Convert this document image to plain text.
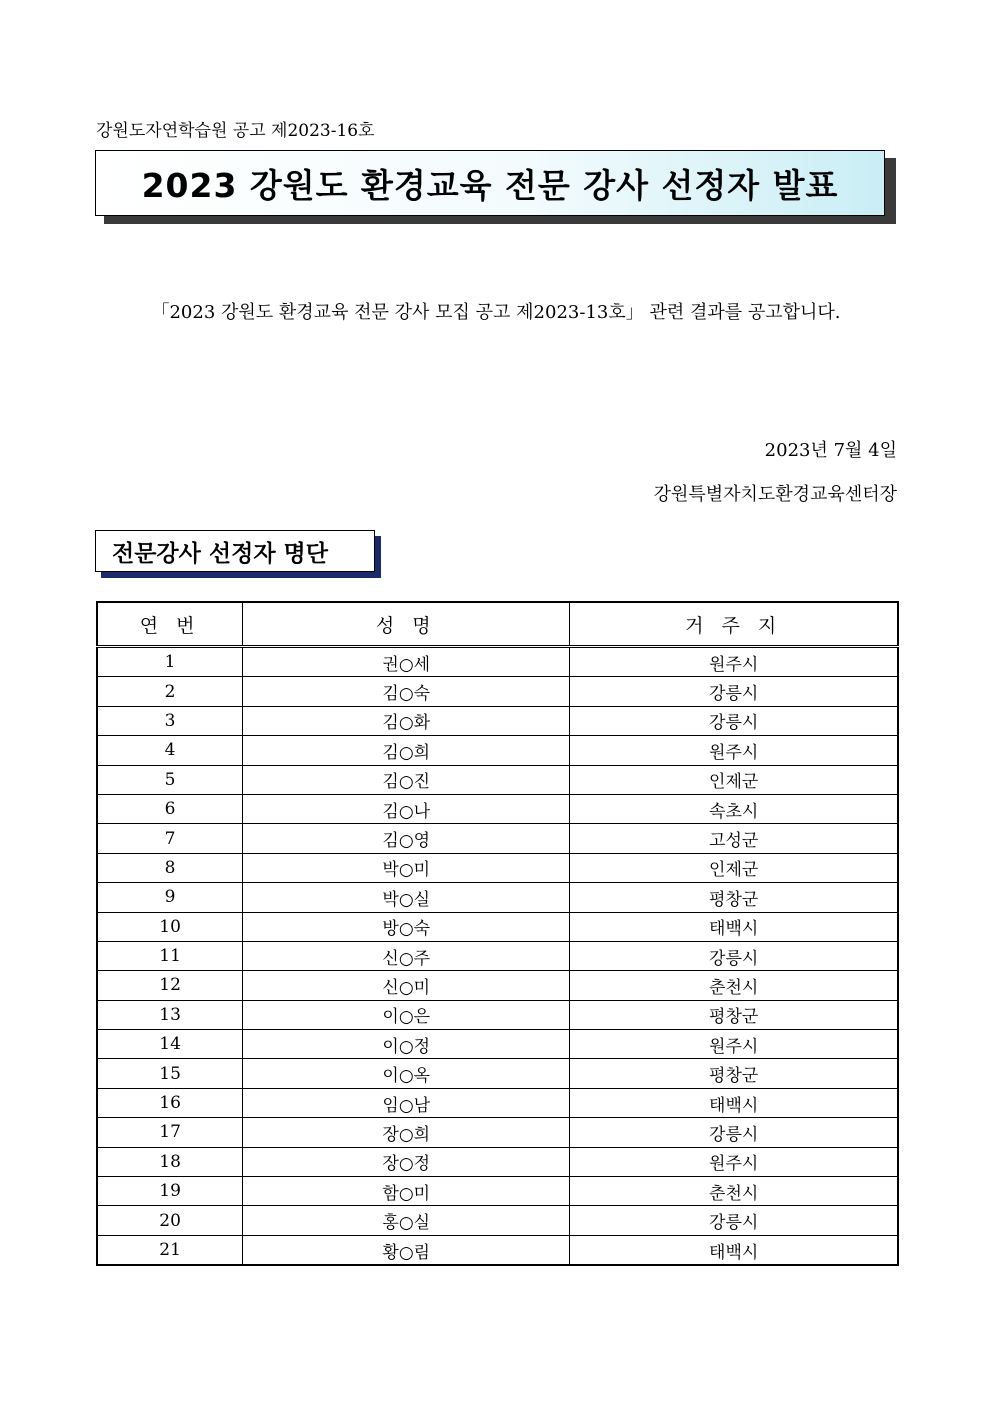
강원도자연학습원 공고 제2023-16호
2023 강원도 환경교육 전문 강사 선정자 발표
「2023 강원도 환경교육 전문 강사 모집 공고 제2023-13호」 관련 결과를 공고합니다.
2023년 7월 4일
강원특별자치도환경교육센터장
전문강사 선정자 명단
연 번	성 명	거 주 지
1	권○세	원주시
2	김○숙	강릉시
3	김○화	강릉시
4	김○희	원주시
5	김○진	인제군
6	김○나	속초시
7	김○영	고성군
8	박○미	인제군
9	박○실	평창군
10	방○숙	태백시
11	신○주	강릉시
12	신○미	춘천시
13	이○은	평창군
14	이○정	원주시
15	이○옥	평창군
16	임○남	태백시
17	장○희	강릉시
18	장○정	원주시
19	함○미	춘천시
20	홍○실	강릉시
21	황○림	태백시
